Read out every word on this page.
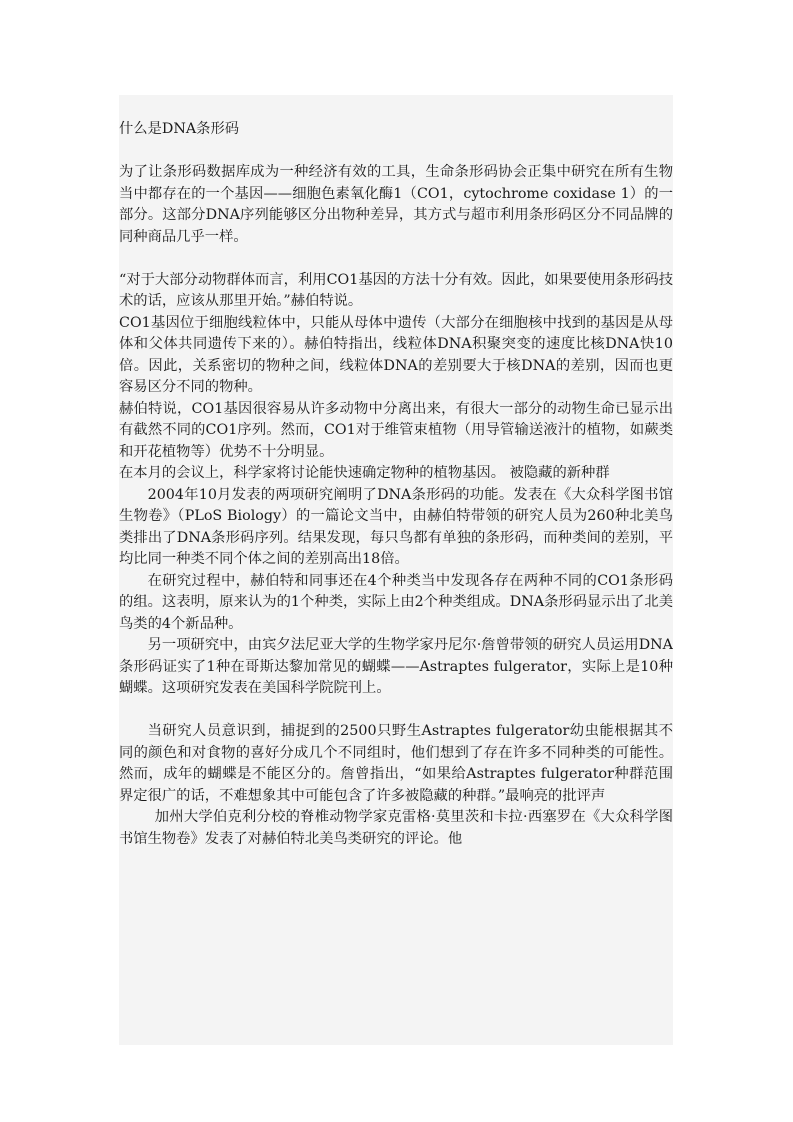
什么是DNA条形码

为了让条形码数据库成为一种经济有效的工具，生命条形码协会正集中研究在所有生物当中都存在的一个基因——细胞色素氧化酶1（CO1，cytochrome coxidase 1）的一部分。这部分DNA序列能够区分出物种差异，其方式与超市利用条形码区分不同品牌的同种商品几乎一样。

“对于大部分动物群体而言，利用CO1基因的方法十分有效。因此，如果要使用条形码技术的话，应该从那里开始。”赫伯特说。

CO1基因位于细胞线粒体中，只能从母体中遗传（大部分在细胞核中找到的基因是从母体和父体共同遗传下来的）。赫伯特指出，线粒体DNA积聚突变的速度比核DNA快10倍。因此，关系密切的物种之间，线粒体DNA的差别要大于核DNA的差别，因而也更容易区分不同的物种。

赫伯特说，CO1基因很容易从许多动物中分离出来，有很大一部分的动物生命已显示出有截然不同的CO1序列。然而，CO1对于维管束植物（用导管输送液汁的植物，如蕨类和开花植物等）优势不十分明显。

在本月的会议上，科学家将讨论能快速确定物种的植物基因。 被隐藏的新种群

2004年10月发表的两项研究阐明了DNA条形码的功能。发表在《大众科学图书馆生物卷》（PLoS Biology）的一篇论文当中，由赫伯特带领的研究人员为260种北美鸟类排出了DNA条形码序列。结果发现，每只鸟都有单独的条形码，而种类间的差别，平均比同一种类不同个体之间的差别高出18倍。

在研究过程中，赫伯特和同事还在4个种类当中发现各存在两种不同的CO1条形码的组。这表明，原来认为的1个种类，实际上由2个种类组成。DNA条形码显示出了北美鸟类的4个新品种。

另一项研究中，由宾夕法尼亚大学的生物学家丹尼尔·詹曾带领的研究人员运用DNA条形码证实了1种在哥斯达黎加常见的蝴蝶——Astraptes fulgerator，实际上是10种蝴蝶。这项研究发表在美国科学院院刊上。

当研究人员意识到，捕捉到的2500只野生Astraptes fulgerator幼虫能根据其不同的颜色和对食物的喜好分成几个不同组时，他们想到了存在许多不同种类的可能性。然而，成年的蝴蝶是不能区分的。詹曾指出，“如果给Astraptes fulgerator种群范围界定很广的话，不难想象其中可能包含了许多被隐藏的种群。”最响亮的批评声

加州大学伯克利分校的脊椎动物学家克雷格·莫里茨和卡拉·西塞罗在《大众科学图书馆生物卷》发表了对赫伯特北美鸟类研究的评论。他
